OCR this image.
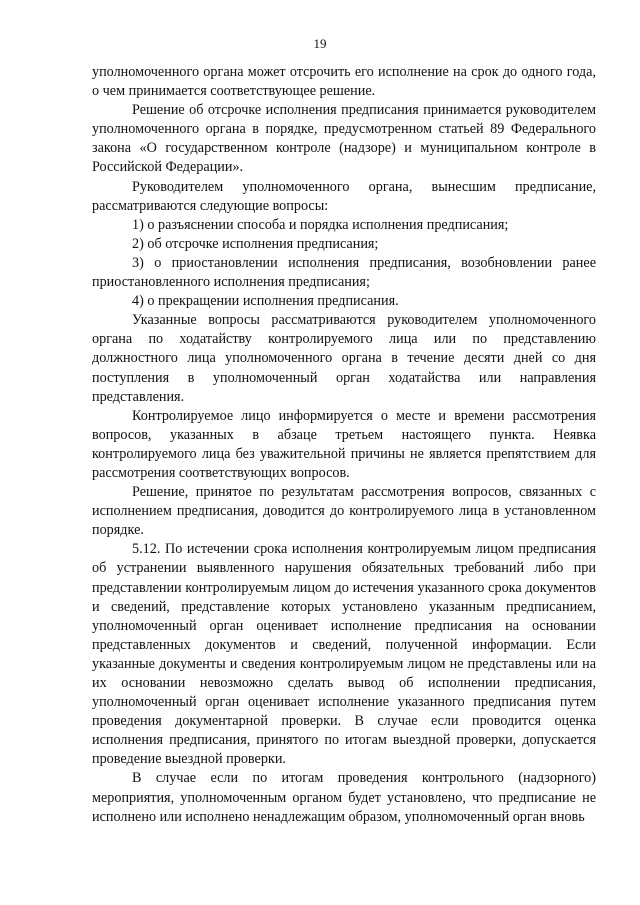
19

уполномоченного органа может отсрочить его исполнение на срок до одного года, о чем принимается соответствующее решение.

Решение об отсрочке исполнения предписания принимается руководителем уполномоченного органа в порядке, предусмотренном статьей 89 Федерального закона «О государственном контроле (надзоре) и муниципальном контроле в Российской Федерации».

Руководителем уполномоченного органа, вынесшим предписание, рассматриваются следующие вопросы:

1) о разъяснении способа и порядка исполнения предписания;

2) об отсрочке исполнения предписания;

3) о приостановлении исполнения предписания, возобновлении ранее приостановленного исполнения предписания;

4) о прекращении исполнения предписания.

Указанные вопросы рассматриваются руководителем уполномоченного органа по ходатайству контролируемого лица или по представлению должностного лица уполномоченного органа в течение десяти дней со дня поступления в уполномоченный орган ходатайства или направления представления.

Контролируемое лицо информируется о месте и времени рассмотрения вопросов, указанных в абзаце третьем настоящего пункта. Неявка контролируемого лица без уважительной причины не является препятствием для рассмотрения соответствующих вопросов.

Решение, принятое по результатам рассмотрения вопросов, связанных с исполнением предписания, доводится до контролируемого лица в установленном порядке.

5.12. По истечении срока исполнения контролируемым лицом предписания об устранении выявленного нарушения обязательных требований либо при представлении контролируемым лицом до истечения указанного срока документов и сведений, представление которых установлено указанным предписанием, уполномоченный орган оценивает исполнение предписания на основании представленных документов и сведений, полученной информации. Если указанные документы и сведения контролируемым лицом не представлены или на их основании невозможно сделать вывод об исполнении предписания, уполномоченный орган оценивает исполнение указанного предписания путем проведения документарной проверки. В случае если проводится оценка исполнения предписания, принятого по итогам выездной проверки, допускается проведение выездной проверки.

В случае если по итогам проведения контрольного (надзорного) мероприятия, уполномоченным органом будет установлено, что предписание не исполнено или исполнено ненадлежащим образом, уполномоченный орган вновь
